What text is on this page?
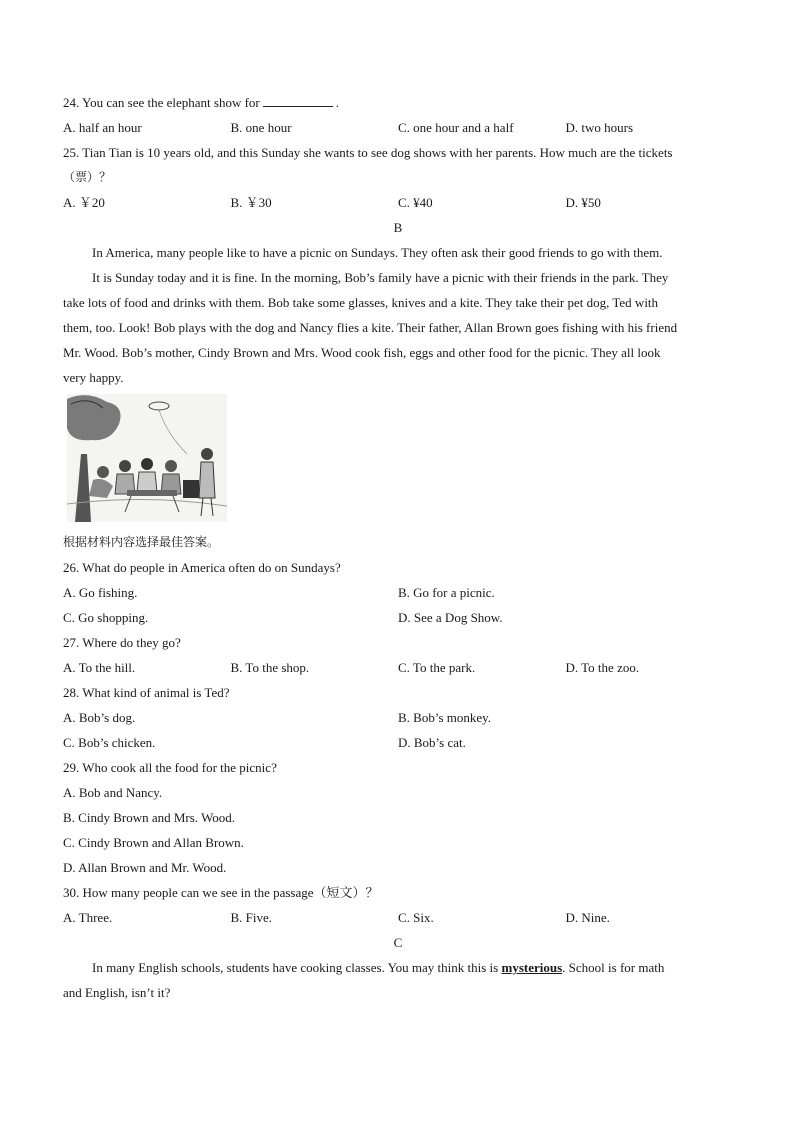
24. You can see the elephant show for	.
A. half an hour	B. one hour	C. one hour and a half	D. two hours
25. Tian Tian is 10 years old, and this Sunday she wants to see dog shows with her parents. How much are the tickets
（票）？
A. ￥20	B. ￥30	C. ¥40	D. ¥50
B
In America, many people like to have a picnic on Sundays. They often ask their good friends to go with them.
It is Sunday today and it is fine. In the morning, Bob’s family have a picnic with their friends in the park. They
take lots of food and drinks with them. Bob take some glasses, knives and a kite. They take their pet dog, Ted with
them, too. Look! Bob plays with the dog and Nancy flies a kite. Their father, Allan Brown goes fishing with his friend
Mr. Wood. Bob’s mother, Cindy Brown and Mrs. Wood cook fish, eggs and other food for the picnic. They all look
very happy.
根据材料内容选择最佳答案。
26. What do people in America often do on Sundays?
A. Go fishing.	B. Go for a picnic.
C. Go shopping.	D. See a Dog Show.
27. Where do they go?
A. To the hill.	B. To the shop.	C. To the park.	D. To the zoo.
28. What kind of animal is Ted?
A. Bob’s dog.	B. Bob’s monkey.
C. Bob’s chicken.	D. Bob’s cat.
29. Who cook all the food for the picnic?
A. Bob and Nancy.
B. Cindy Brown and Mrs. Wood.
C. Cindy Brown and Allan Brown.
D. Allan Brown and Mr. Wood.
30. How many people can we see in the passage（短文）？
A. Three.	B. Five.	C. Six.	D. Nine.
C
In many English schools, students have cooking classes. You may think this is mysterious. School is for math
and English, isn’t it?
